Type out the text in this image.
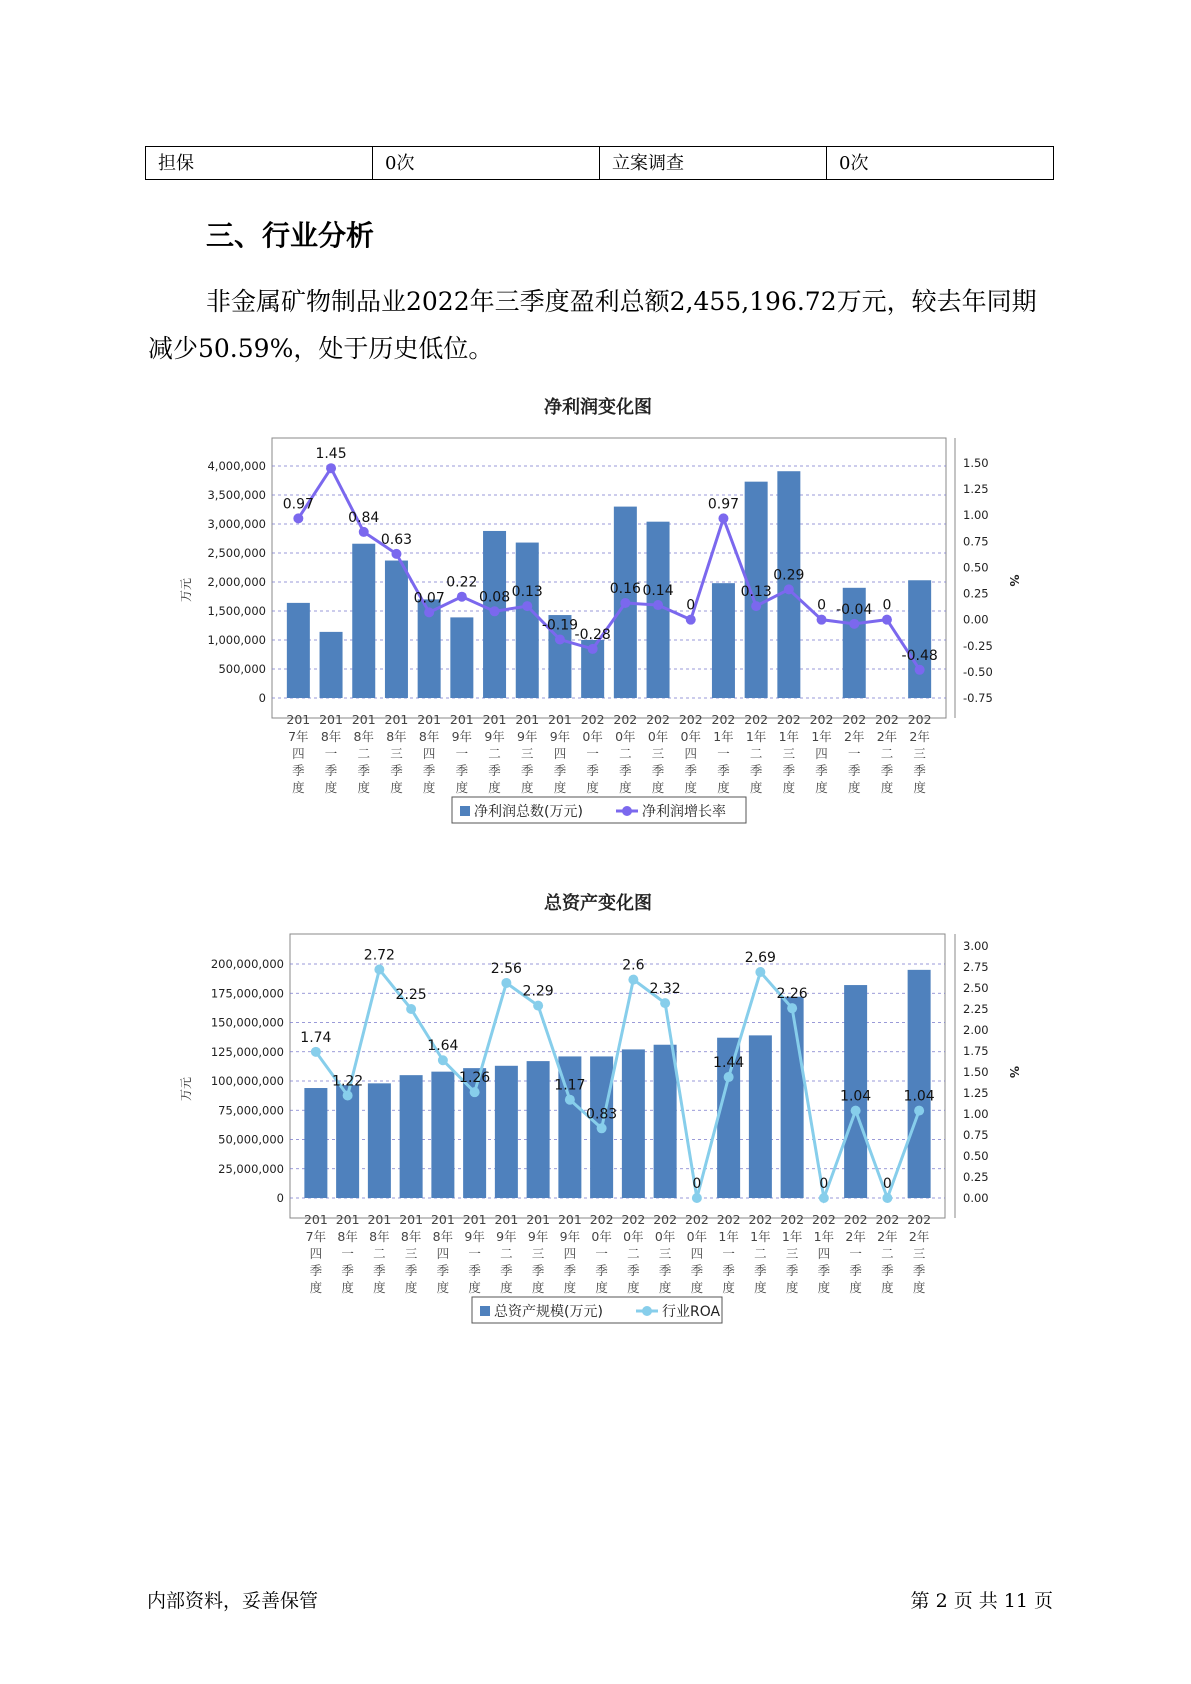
担保	0次	立案调查	0次
三、行业分析

非金属矿物制品业2022年三季度盈利总额2,455,196.72万元，较去年同期减少50.59%，处于历史低位。

净利润变化图
4,000,000
3,500,000
3,000,000
2,500,000
2,000,000
1,500,000
1,000,000
500,000
0
1.50
1.25
1.00
0.75
0.50
0.25
0.00
-0.25
-0.50
-0.75
万元	%
0.97
1.45
0.84
0.63
0.07
0.22
0.08 0.13
-0.19
-0.28
0.16 0.14
0
0.97
0.13
0.29
0 -0.04 0
-0.48
201
7年
四
季
度
201
8年
一
季
度
201
8年
二
季
度
201
8年
三
季
度
201
8年
四
季
度
201
9年
一
季
度
201
9年
二
季
度
201
9年
三
季
度
201
9年
四
季
度
202
0年
一
季
度
202
0年
二
季
度
202
0年
三
季
度
202
0年
四
季
度
202
1年
一
季
度
202
1年
二
季
度
202
1年
三
季
度
202
1年
四
季
度
202
2年
一
季
度
202
2年
二
季
度
202
2年
三
季
度
净利润总数(万元)	净利润增长率
总资产变化图
200,000,000
175,000,000
150,000,000
125,000,000
100,000,000
75,000,000
50,000,000
25,000,000
0
3.00
2.75
2.50
2.25
2.00
1.75
1.50
1.25
1.00
0.75
0.50
0.25
0.00
万元
%
1.74
1.22
2.72
2.25
1.64
1.26
2.56
2.29
1.17
0.83
2.6
2.32
0
1.44
2.69
2.26
0
1.04
0
1.04
201
7年
四
季
度
201
8年
一
季
度
201
8年
二
季
度
201
8年
三
季
度
201
8年
四
季
度
201
9年
一
季
度
201
9年
二
季
度
201
9年
三
季
度
201
9年
四
季
度
202
0年
一
季
度
202
0年
二
季
度
202
0年
三
季
度
202
0年
四
季
度
202
1年
一
季
度
202
1年
二
季
度
202
1年
三
季
度
202
1年
四
季
度
202
2年
一
季
度
202
2年
二
季
度
202
2年
三
季
度
总资产规模(万元)	行业ROA
内部资料，妥善保管	第 2 页 共 11 页
